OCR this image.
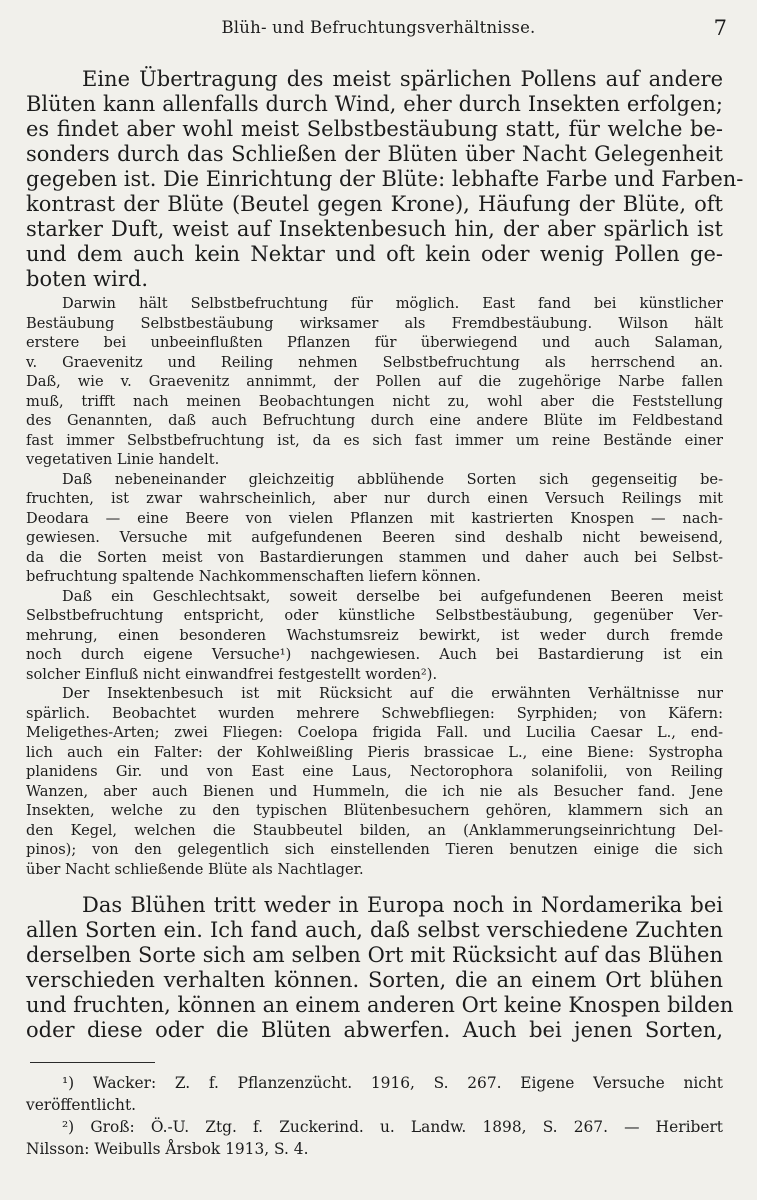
Blüh- und Befruchtungsverhältnisse.	7
Eine Übertragung des meist spärlichen Pollens auf andere
Blüten kann allenfalls durch Wind, eher durch Insekten erfolgen;
es findet aber wohl meist Selbstbestäubung statt, für welche be-
sonders durch das Schließen der Blüten über Nacht Gelegenheit
gegeben ist. Die Einrichtung der Blüte: lebhafte Farbe und Farben-
kontrast der Blüte (Beutel gegen Krone), Häufung der Blüte, oft
starker Duft, weist auf Insektenbesuch hin, der aber spärlich ist
und dem auch kein Nektar und oft kein oder wenig Pollen ge-
boten wird.
Darwin hält Selbstbefruchtung für möglich. East fand bei künstlicher
Bestäubung Selbstbestäubung wirksamer als Fremdbestäubung. Wilson hält
erstere bei unbeeinflußten Pflanzen für überwiegend und auch Salaman,
v. Graevenitz und Reiling nehmen Selbstbefruchtung als herrschend an.
Daß, wie v. Graevenitz annimmt, der Pollen auf die zugehörige Narbe fallen
muß, trifft nach meinen Beobachtungen nicht zu, wohl aber die Feststellung
des Genannten, daß auch Befruchtung durch eine andere Blüte im Feldbestand
fast immer Selbstbefruchtung ist, da es sich fast immer um reine Bestände einer
vegetativen Linie handelt.
Daß nebeneinander gleichzeitig abblühende Sorten sich gegenseitig be-
fruchten, ist zwar wahrscheinlich, aber nur durch einen Versuch Reilings mit
Deodara — eine Beere von vielen Pflanzen mit kastrierten Knospen — nach-
gewiesen. Versuche mit aufgefundenen Beeren sind deshalb nicht beweisend,
da die Sorten meist von Bastardierungen stammen und daher auch bei Selbst-
befruchtung spaltende Nachkommenschaften liefern können.
Daß ein Geschlechtsakt, soweit derselbe bei aufgefundenen Beeren meist
Selbstbefruchtung entspricht, oder künstliche Selbstbestäubung, gegenüber Ver-
mehrung, einen besonderen Wachstumsreiz bewirkt, ist weder durch fremde
noch durch eigene Versuche¹) nachgewiesen. Auch bei Bastardierung ist ein
solcher Einfluß nicht einwandfrei festgestellt worden²).
Der Insektenbesuch ist mit Rücksicht auf die erwähnten Verhältnisse nur
spärlich. Beobachtet wurden mehrere Schwebfliegen: Syrphiden; von Käfern:
Meligethes-Arten; zwei Fliegen: Coelopa frigida Fall. und Lucilia Caesar L., end-
lich auch ein Falter: der Kohlweißling Pieris brassicae L., eine Biene: Systropha
planidens Gir. und von East eine Laus, Nectorophora solanifolii, von Reiling
Wanzen, aber auch Bienen und Hummeln, die ich nie als Besucher fand. Jene
Insekten, welche zu den typischen Blütenbesuchern gehören, klammern sich an
den Kegel, welchen die Staubbeutel bilden, an (Anklammerungseinrichtung Del-
pinos); von den gelegentlich sich einstellenden Tieren benutzen einige die sich
über Nacht schließende Blüte als Nachtlager.
Das Blühen tritt weder in Europa noch in Nordamerika bei
allen Sorten ein. Ich fand auch, daß selbst verschiedene Zuchten
derselben Sorte sich am selben Ort mit Rücksicht auf das Blühen
verschieden verhalten können. Sorten, die an einem Ort blühen
und fruchten, können an einem anderen Ort keine Knospen bilden
oder diese oder die Blüten abwerfen. Auch bei jenen Sorten,
¹) Wacker: Z. f. Pflanzenzücht. 1916, S. 267. Eigene Versuche nicht
veröffentlicht.
²) Groß: Ö.-U. Ztg. f. Zuckerind. u. Landw. 1898, S. 267. — Heribert
Nilsson: Weibulls Årsbok 1913, S. 4.
